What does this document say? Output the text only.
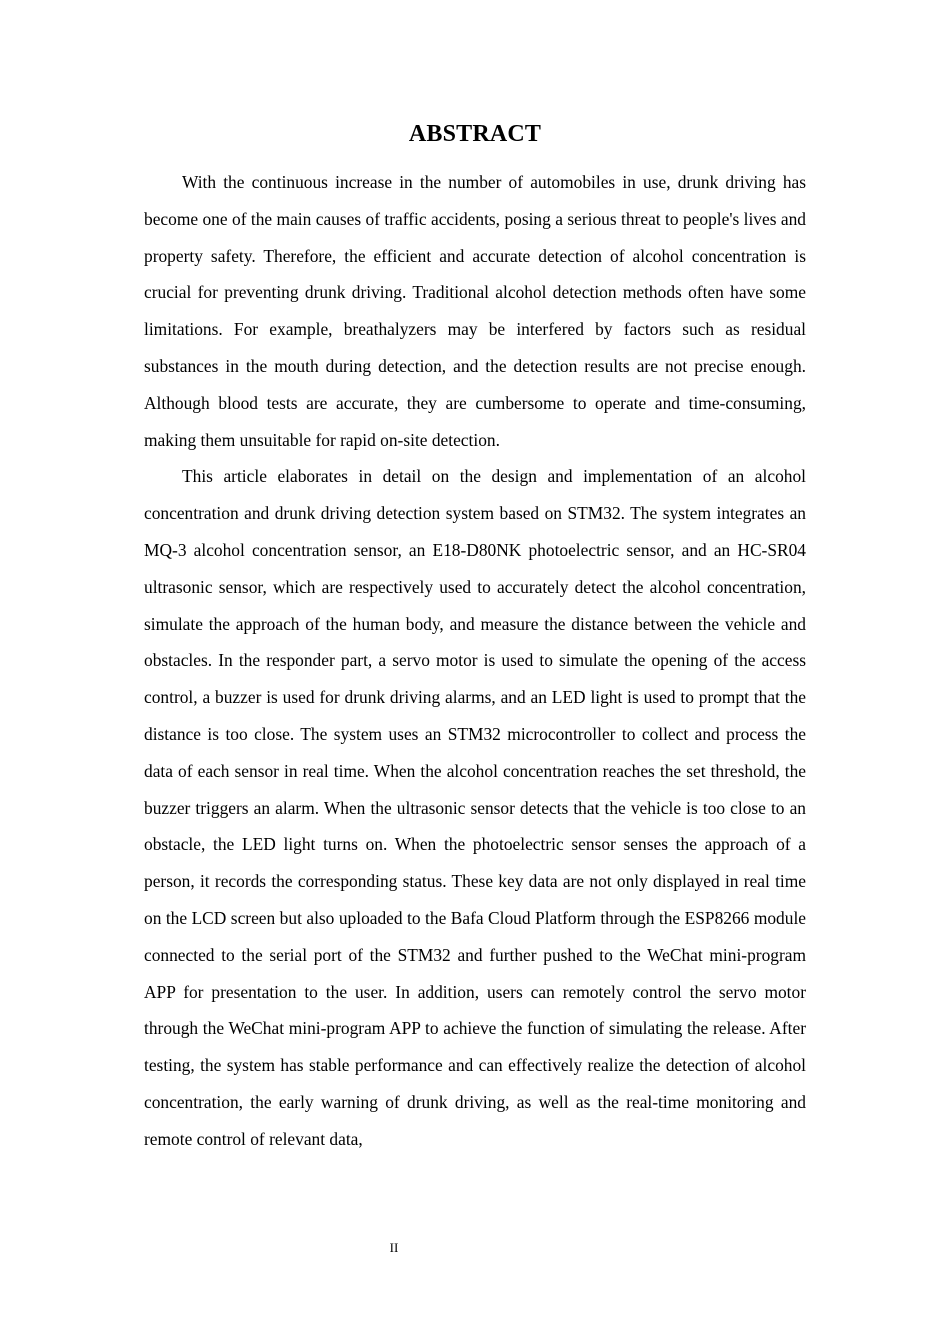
ABSTRACT

With the continuous increase in the number of automobiles in use, drunk driving has become one of the main causes of traffic accidents, posing a serious threat to people's lives and property safety. Therefore, the efficient and accurate detection of alcohol concentration is crucial for preventing drunk driving. Traditional alcohol detection methods often have some limitations. For example, breathalyzers may be interfered by factors such as residual substances in the mouth during detection, and the detection results are not precise enough. Although blood tests are accurate, they are cumbersome to operate and time-consuming, making them unsuitable for rapid on-site detection.

This article elaborates in detail on the design and implementation of an alcohol concentration and drunk driving detection system based on STM32. The system integrates an MQ-3 alcohol concentration sensor, an E18-D80NK photoelectric sensor, and an HC-SR04 ultrasonic sensor, which are respectively used to accurately detect the alcohol concentration, simulate the approach of the human body, and measure the distance between the vehicle and obstacles. In the responder part, a servo motor is used to simulate the opening of the access control, a buzzer is used for drunk driving alarms, and an LED light is used to prompt that the distance is too close. The system uses an STM32 microcontroller to collect and process the data of each sensor in real time. When the alcohol concentration reaches the set threshold, the buzzer triggers an alarm. When the ultrasonic sensor detects that the vehicle is too close to an obstacle, the LED light turns on. When the photoelectric sensor senses the approach of a person, it records the corresponding status. These key data are not only displayed in real time on the LCD screen but also uploaded to the Bafa Cloud Platform through the ESP8266 module connected to the serial port of the STM32 and further pushed to the WeChat mini-program APP for presentation to the user. In addition, users can remotely control the servo motor through the WeChat mini-program APP to achieve the function of simulating the release. After testing, the system has stable performance and can effectively realize the detection of alcohol concentration, the early warning of drunk driving, as well as the real-time monitoring and remote control of relevant data,

II
